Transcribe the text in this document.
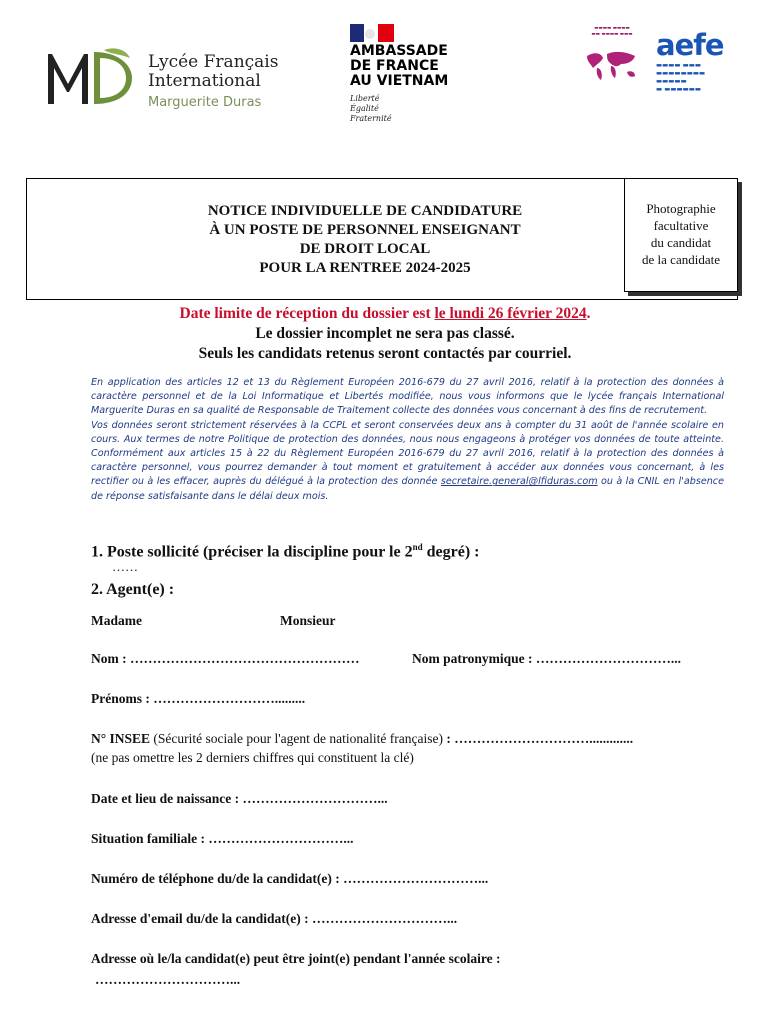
Lycée Français
International
Marguerite Duras
AMBASSADE
DE FRANCE
AU VIETNAM
Liberté
Égalité
Fraternité
▬▬▬▬ ▬▬▬▬
▬▬ ▬▬▬▬ ▬▬▬ aefe
▬▬▬▬ ▬▬▬
▬▬▬▬▬▬▬▬ ▬▬▬▬▬
▬ ▬▬▬▬▬▬
NOTICE INDIVIDUELLE DE CANDIDATURE
À UN POSTE DE PERSONNEL ENSEIGNANT
DE DROIT LOCAL
POUR LA RENTREE 2024-2025
Photographie
facultative
du candidat
de la candidate
Date limite de réception du dossier est le lundi 26 février 2024.
Le dossier incomplet ne sera pas classé.
Seuls les candidats retenus seront contactés par courriel.

En application des articles 12 et 13 du Règlement Européen 2016-679 du 27 avril 2016, relatif à la protection des données à caractère personnel et de la Loi Informatique et Libertés modifiée, nous vous informons que le lycée français International Marguerite Duras en sa qualité de Responsable de Traitement collecte des données vous concernant à des fins de recrutement.

Vos données seront strictement réservées à la CCPL et seront conservées deux ans à compter du 31 août de l'année scolaire en cours. Aux termes de notre Politique de protection des données, nous nous engageons à protéger vos données de toute atteinte. Conformément aux articles 15 à 22 du Règlement Européen 2016-679 du 27 avril 2016, relatif à la protection des données à caractère personnel, vous pourrez demander à tout moment et gratuitement à accéder aux données vous concernant, à les rectifier ou à les effacer, auprès du délégué à la protection des donnée secretaire.general@lfiduras.com ou à la CNIL en l'absence de réponse satisfaisante dans le délai deux mois.

1. Poste sollicité (préciser la discipline pour le 2nd degré) :
……
2. Agent(e) :
Madame	Monsieur
Nom : ……………………………………………	Nom patronymique : …………………………...
Prénoms : ……………………….........
N° INSEE (Sécurité sociale pour l'agent de nationalité française) : ………………………….............
(ne pas omettre les 2 derniers chiffres qui constituent la clé)
Date et lieu de naissance : …………………………...
Situation familiale : …………………………...
Numéro de téléphone du/de la candidat(e) : …………………………...
Adresse d'email du/de la candidat(e) : …………………………...
Adresse où le/la candidat(e) peut être joint(e) pendant l'année scolaire :
…………………………...
